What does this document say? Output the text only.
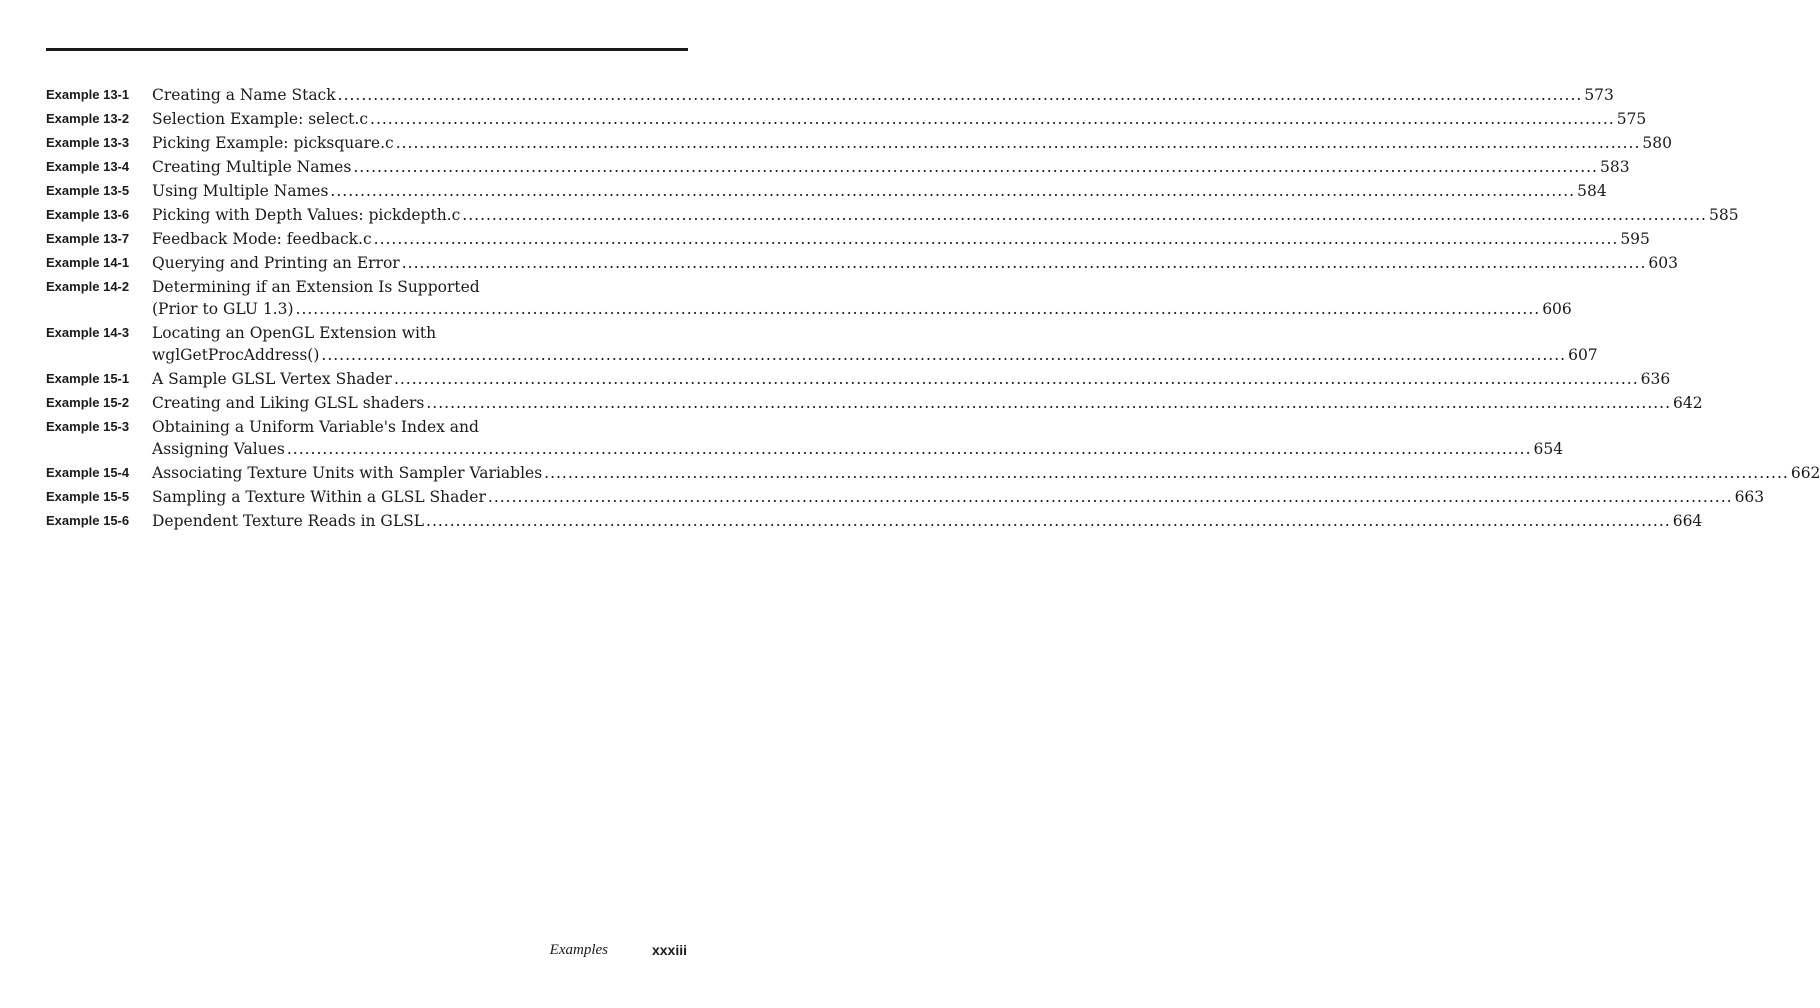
Example 13-1	Creating a Name Stack .....	573
Example 13-2	Selection Example: select.c .....	575
Example 13-3	Picking Example: picksquare.c .....	580
Example 13-4	Creating Multiple Names .....	583
Example 13-5	Using Multiple Names .....	584
Example 13-6	Picking with Depth Values: pickdepth.c .....	585
Example 13-7	Feedback Mode: feedback.c .....	595
Example 14-1	Querying and Printing an Error .....	603
Example 14-2	Determining if an Extension Is Supported
(Prior to GLU 1.3) .....	606
Example 14-3	Locating an OpenGL Extension with
wglGetProcAddress() .....	607
Example 15-1	A Sample GLSL Vertex Shader .....	636
Example 15-2	Creating and Liking GLSL shaders .....	642
Example 15-3	Obtaining a Uniform Variable's Index and
Assigning Values .....	654
Example 15-4	Associating Texture Units with Sampler Variables .....	662
Example 15-5	Sampling a Texture Within a GLSL Shader .....	663
Example 15-6	Dependent Texture Reads in GLSL .....	664
Examples	xxxiii
